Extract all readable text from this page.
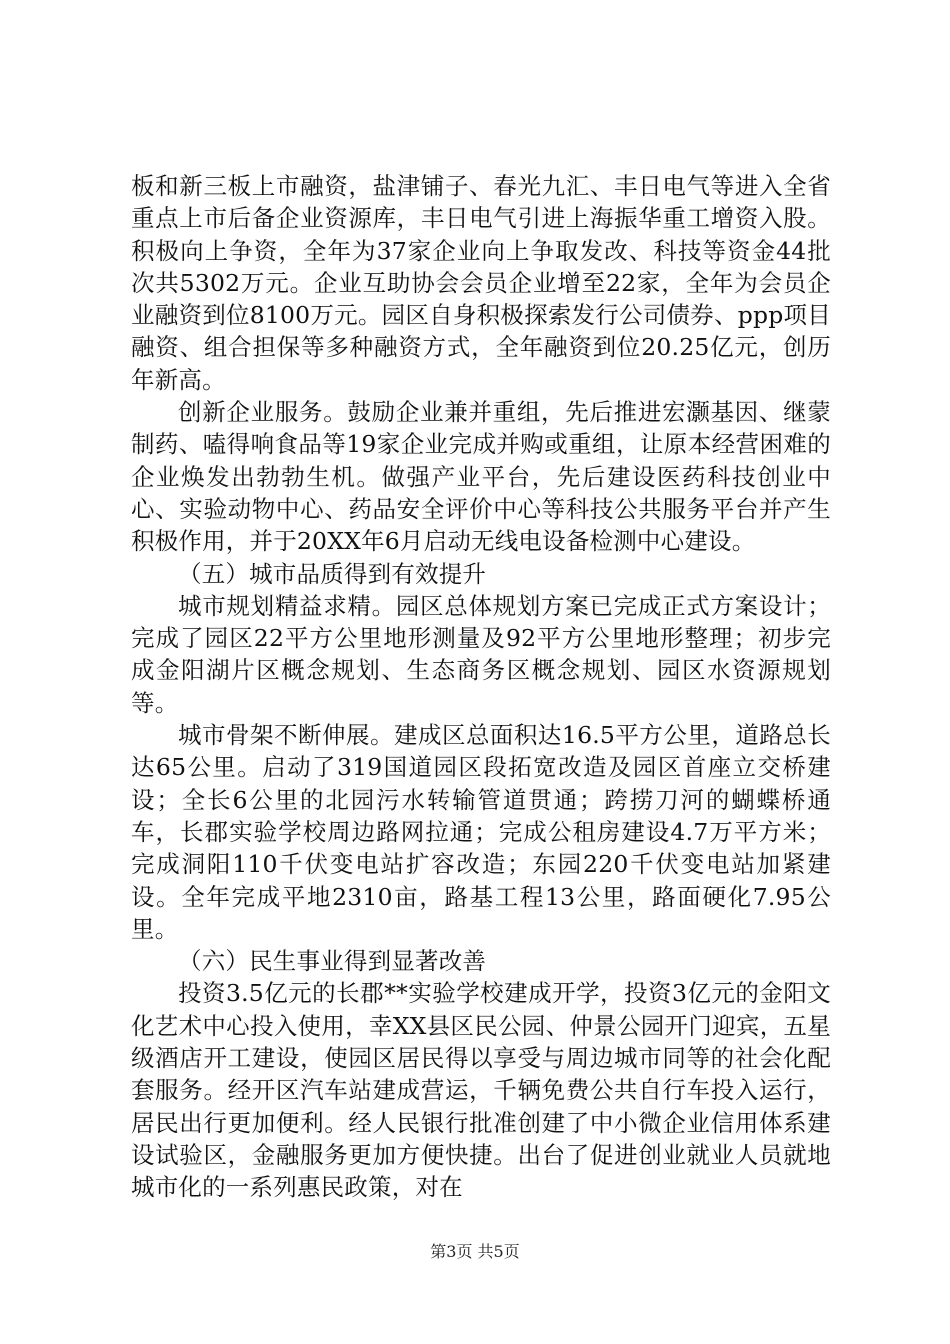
板和新三板上市融资，盐津铺子、春光九汇、丰日电气等进入全省重点上市后备企业资源库，丰日电气引进上海振华重工增资入股。积极向上争资，全年为37家企业向上争取发改、科技等资金44批次共5302万元。企业互助协会会员企业增至22家，全年为会员企业融资到位8100万元。园区自身积极探索发行公司债券、ppp项目融资、组合担保等多种融资方式，全年融资到位20.25亿元，创历年新高。

创新企业服务。鼓励企业兼并重组，先后推进宏灏基因、继蒙制药、嗑得响食品等19家企业完成并购或重组，让原本经营困难的企业焕发出勃勃生机。做强产业平台，先后建设医药科技创业中心、实验动物中心、药品安全评价中心等科技公共服务平台并产生积极作用，并于20XX年6月启动无线电设备检测中心建设。

（五）城市品质得到有效提升

城市规划精益求精。园区总体规划方案已完成正式方案设计；完成了园区22平方公里地形测量及92平方公里地形整理；初步完成金阳湖片区概念规划、生态商务区概念规划、园区水资源规划等。

城市骨架不断伸展。建成区总面积达16.5平方公里，道路总长达65公里。启动了319国道园区段拓宽改造及园区首座立交桥建设；全长6公里的北园污水转输管道贯通；跨捞刀河的蝴蝶桥通车，长郡实验学校周边路网拉通；完成公租房建设4.7万平方米；完成洞阳110千伏变电站扩容改造；东园220千伏变电站加紧建设。全年完成平地2310亩，路基工程13公里，路面硬化7.95公里。

（六）民生事业得到显著改善

投资3.5亿元的长郡**实验学校建成开学，投资3亿元的金阳文化艺术中心投入使用，幸XX县区民公园、仲景公园开门迎宾，五星级酒店开工建设，使园区居民得以享受与周边城市同等的社会化配套服务。经开区汽车站建成营运，千辆免费公共自行车投入运行，居民出行更加便利。经人民银行批准创建了中小微企业信用体系建设试验区，金融服务更加方便快捷。出台了促进创业就业人员就地城市化的一系列惠民政策，对在

第3页 共5页
